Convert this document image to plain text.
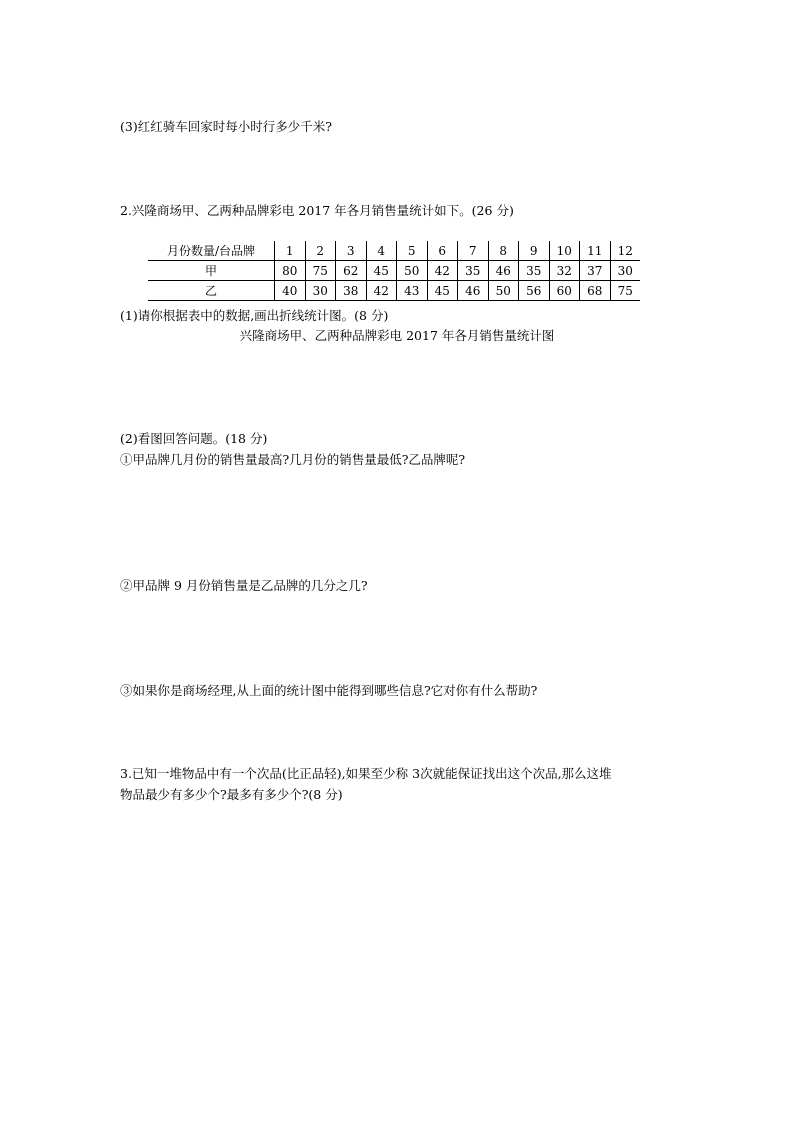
(3)红红骑车回家时每小时行多少千米?

2.兴隆商场甲、乙两种品牌彩电 2017 年各月销售量统计如下。(26 分)

月份数量/台品牌	1	2	3	4	5	6	7	8	9	10	11	12
甲	80	75	62	45	50	42	35	46	35	32	37	30
乙	40	30	38	42	43	45	46	50	56	60	68	75

(1)请你根据表中的数据,画出折线统计图。(8 分)

兴隆商场甲、乙两种品牌彩电 2017 年各月销售量统计图

(2)看图回答问题。(18 分)

①甲品牌几月份的销售量最高?几月份的销售量最低?乙品牌呢?

②甲品牌 9 月份销售量是乙品牌的几分之几?

③如果你是商场经理,从上面的统计图中能得到哪些信息?它对你有什么帮助?

3.已知一堆物品中有一个次品(比正品轻),如果至少称 3次就能保证找出这个次品,那么这堆

物品最少有多少个?最多有多少个?(8 分)
